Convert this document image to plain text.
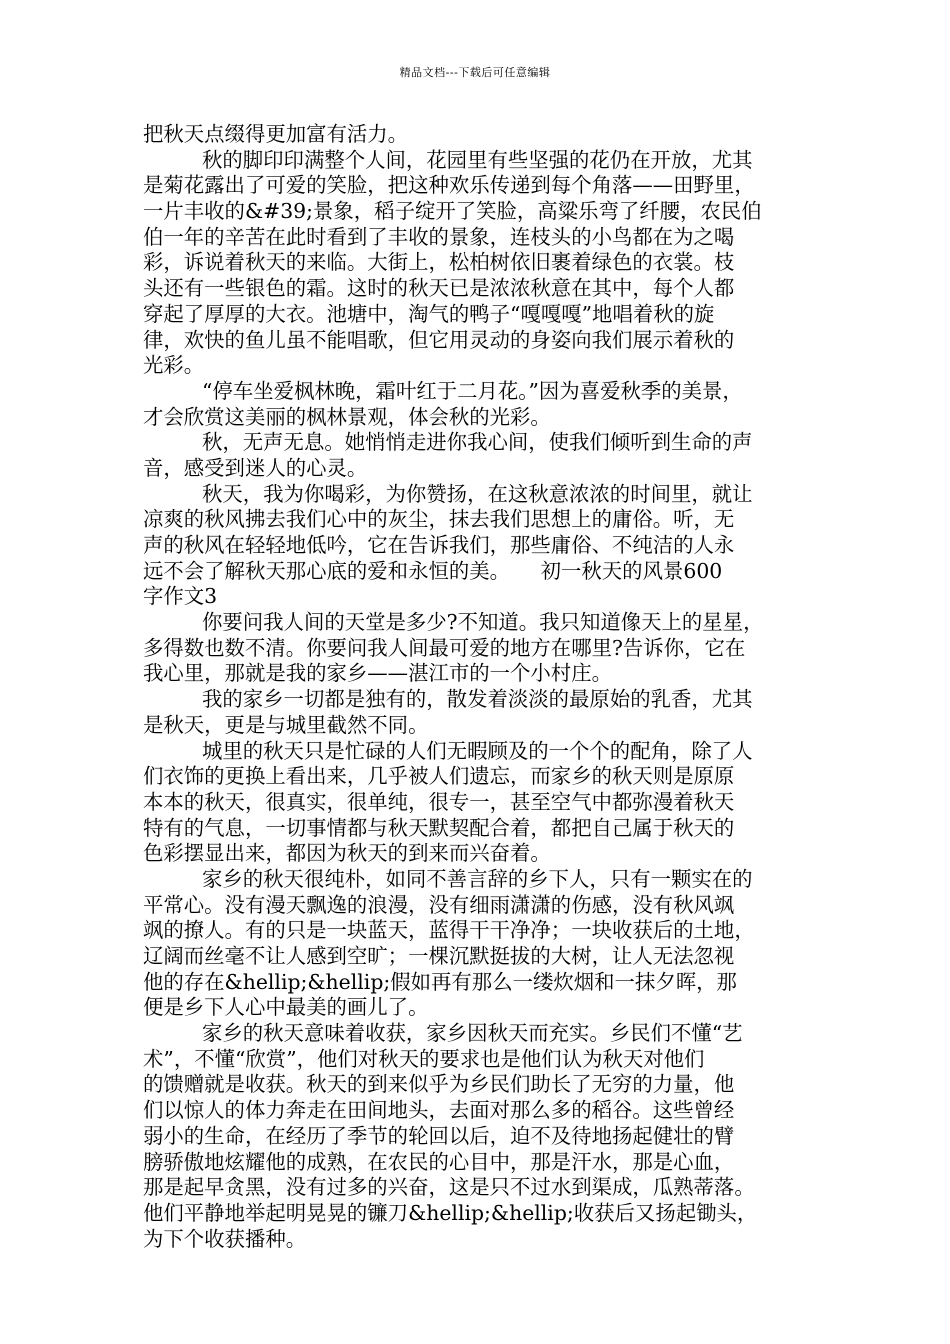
精品文档---下载后可任意编辑
把秋天点缀得更加富有活力。
秋的脚印印满整个人间，花园里有些坚强的花仍在开放，尤其
是菊花露出了可爱的笑脸，把这种欢乐传递到每个角落——田野里，
一片丰收的&#39;景象，稻子绽开了笑脸，高粱乐弯了纤腰，农民伯
伯一年的辛苦在此时看到了丰收的景象，连枝头的小鸟都在为之喝
彩，诉说着秋天的来临。大街上，松柏树依旧裹着绿色的衣裳。枝
头还有一些银色的霜。这时的秋天已是浓浓秋意在其中，每个人都
穿起了厚厚的大衣。池塘中，淘气的鸭子“嘎嘎嘎”地唱着秋的旋
律，欢快的鱼儿虽不能唱歌，但它用灵动的身姿向我们展示着秋的
光彩。
“停车坐爱枫林晚，霜叶红于二月花。”因为喜爱秋季的美景，
才会欣赏这美丽的枫林景观，体会秋的光彩。
秋，无声无息。她悄悄走进你我心间，使我们倾听到生命的声
音，感受到迷人的心灵。
秋天，我为你喝彩，为你赞扬，在这秋意浓浓的时间里，就让
凉爽的秋风拂去我们心中的灰尘，抹去我们思想上的庸俗。听，无
声的秋风在轻轻地低吟，它在告诉我们，那些庸俗、不纯洁的人永
远不会了解秋天那心底的爱和永恒的美。　　初一秋天的风景600
字作文3
你要问我人间的天堂是多少?不知道。我只知道像天上的星星，
多得数也数不清。你要问我人间最可爱的地方在哪里?告诉你，它在
我心里，那就是我的家乡——湛江市的一个小村庄。
我的家乡一切都是独有的，散发着淡淡的最原始的乳香，尤其
是秋天，更是与城里截然不同。
城里的秋天只是忙碌的人们无暇顾及的一个个的配角，除了人
们衣饰的更换上看出来，几乎被人们遗忘，而家乡的秋天则是原原
本本的秋天，很真实，很单纯，很专一，甚至空气中都弥漫着秋天
特有的气息，一切事情都与秋天默契配合着，都把自己属于秋天的
色彩摆显出来，都因为秋天的到来而兴奋着。
家乡的秋天很纯朴，如同不善言辞的乡下人，只有一颗实在的
平常心。没有漫天飘逸的浪漫，没有细雨潇潇的伤感，没有秋风飒
飒的撩人。有的只是一块蓝天，蓝得干干净净；一块收获后的土地，
辽阔而丝毫不让人感到空旷；一棵沉默挺拔的大树，让人无法忽视
他的存在&hellip;&hellip;假如再有那么一缕炊烟和一抹夕晖，那
便是乡下人心中最美的画儿了。
家乡的秋天意味着收获，家乡因秋天而充实。乡民们不懂“艺
术”，不懂“欣赏”，他们对秋天的要求也是他们认为秋天对他们
的馈赠就是收获。秋天的到来似乎为乡民们助长了无穷的力量，他
们以惊人的体力奔走在田间地头，去面对那么多的稻谷。这些曾经
弱小的生命，在经历了季节的轮回以后，迫不及待地扬起健壮的臂
膀骄傲地炫耀他的成熟，在农民的心目中，那是汗水，那是心血，
那是起早贪黑，没有过多的兴奋，这是只不过水到渠成，瓜熟蒂落。
他们平静地举起明晃晃的镰刀&hellip;&hellip;收获后又扬起锄头，
为下个收获播种。
